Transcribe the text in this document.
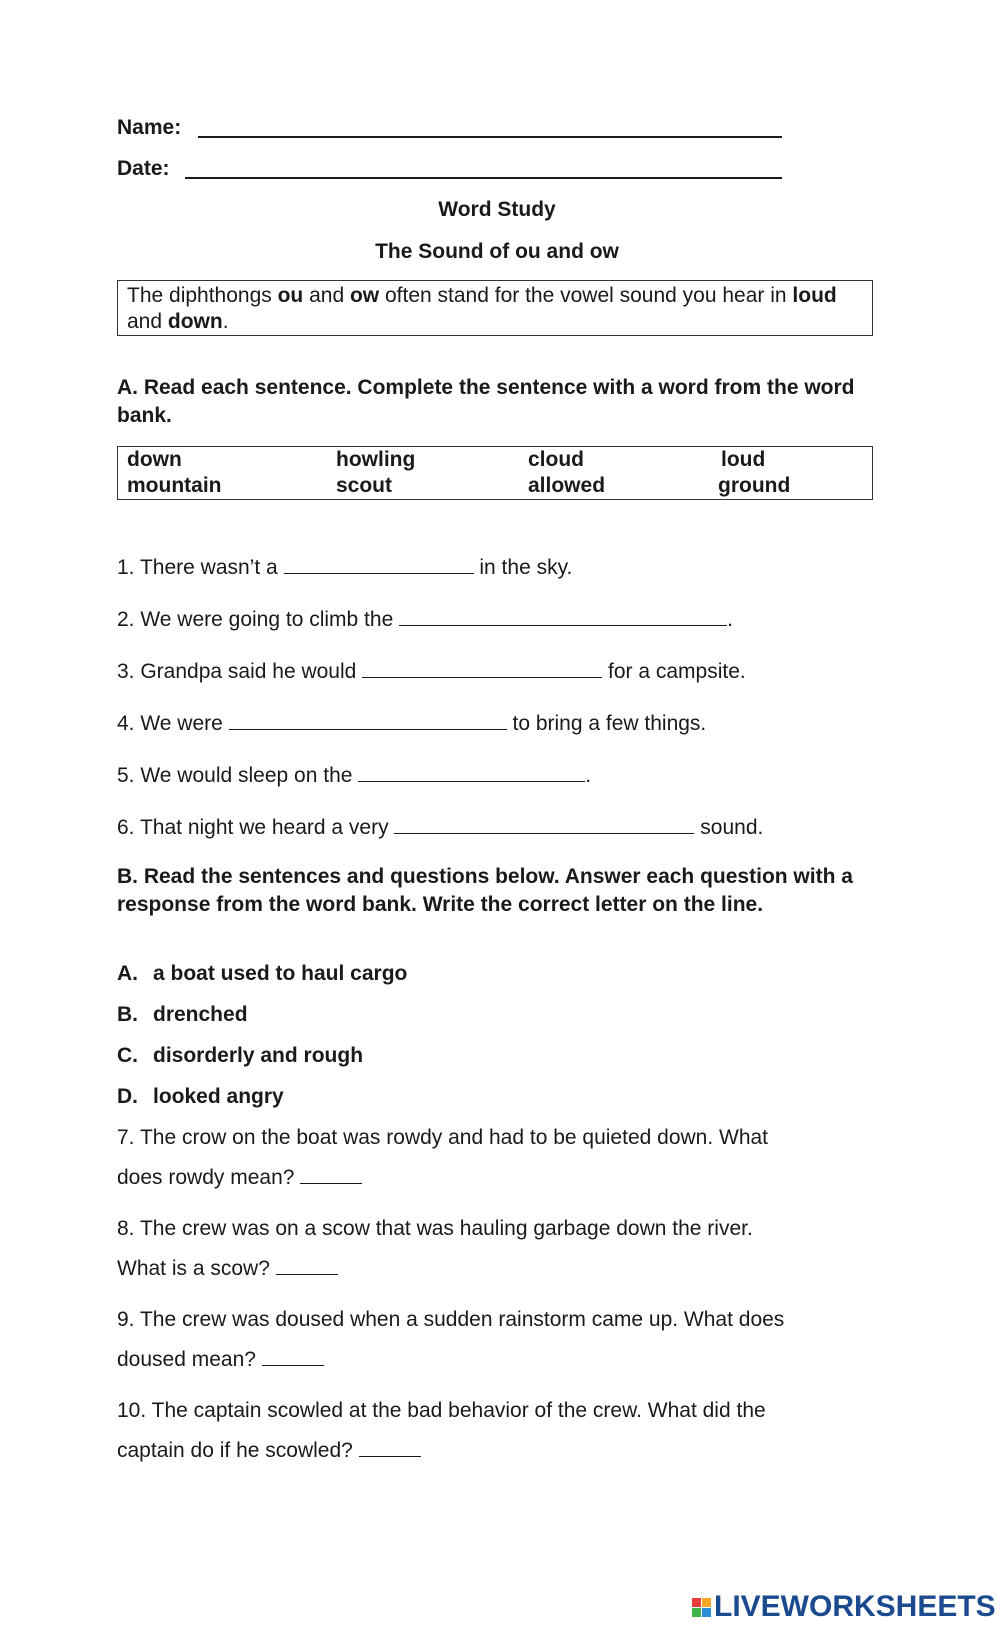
Name:
Date:
Word Study
The Sound of ou and ow
The diphthongs ou and ow often stand for the vowel sound you hear in loud and down.
A. Read each sentence. Complete the sentence with a word from the word bank.
down	howling	cloud	loud
mountain	scout	allowed	ground
1. There wasn’t a	in the sky.
2. We were going to climb the	.
3. Grandpa said he would	for a campsite.
4. We were	to bring a few things.
5. We would sleep on the	.
6. That night we heard a very	sound.
B. Read the sentences and questions below. Answer each question with a response from the word bank. Write the correct letter on the line.
A. a boat used to haul cargo
B. drenched
C. disorderly and rough
D. looked angry
7. The crow on the boat was rowdy and had to be quieted down. What
does rowdy mean?
8. The crew was on a scow that was hauling garbage down the river.
What is a scow?
9. The crew was doused when a sudden rainstorm came up. What does
doused mean?
10. The captain scowled at the bad behavior of the crew. What did the
captain do if he scowled?
LIVEWORKSHEETS
